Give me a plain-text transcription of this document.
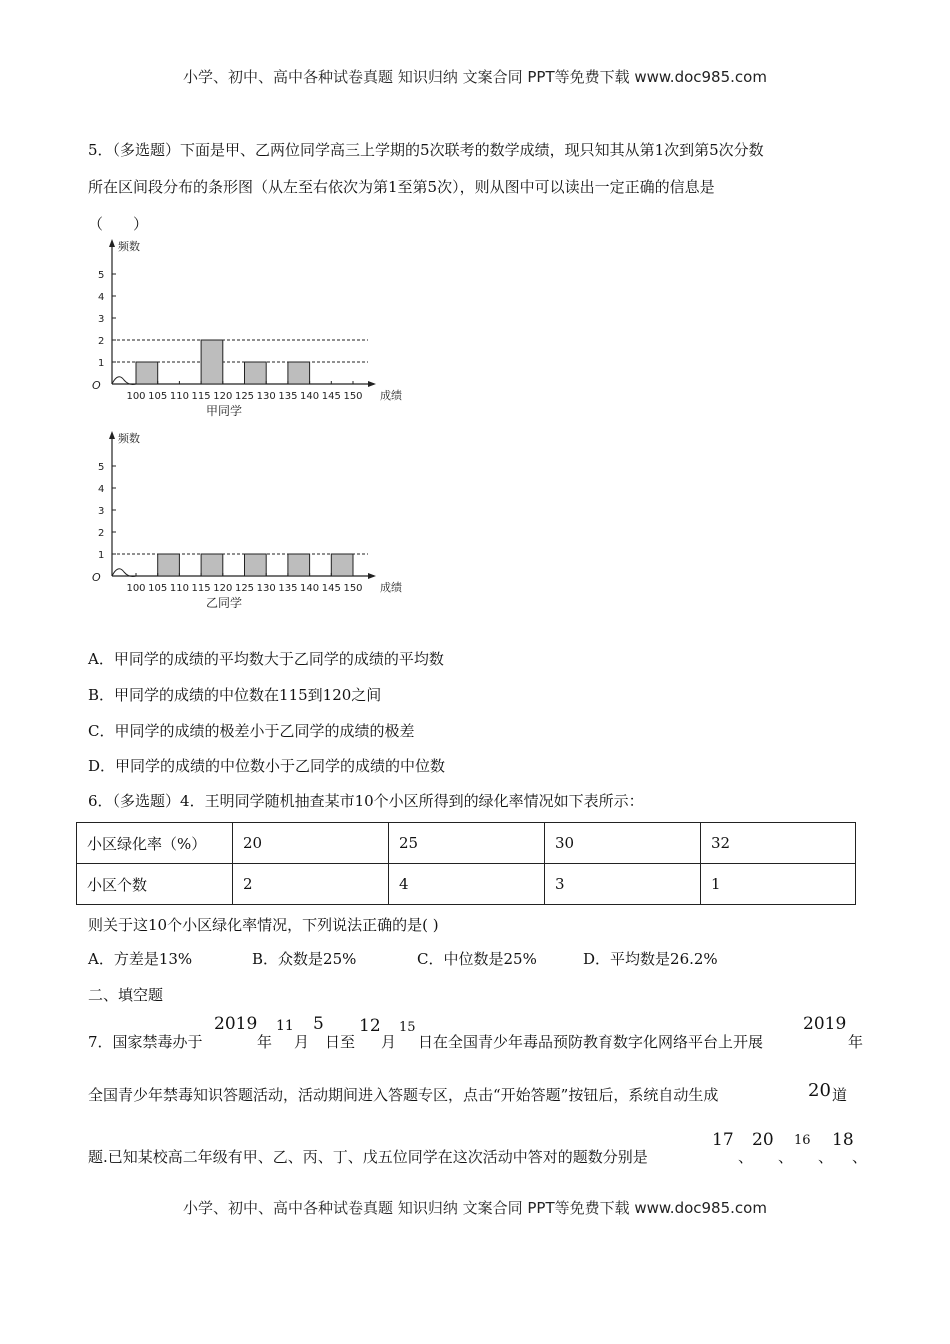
小学、初中、高中各种试卷真题 知识归纳 文案合同 PPT等免费下载 www.doc985.com
5．（多选题）下面是甲、乙两位同学高三上学期的5次联考的数学成绩，现只知其从第1次到第5次分数
所在区间段分布的条形图（从左至右依次为第1至第5次），则从图中可以读出一定正确的信息是
（　　）
O
频数
1
2
3
4
5
100 105 110 115 120 125 130 135 140 145 150 成绩
甲同学
O
频数
1
2
3
4
5
100 105 110 115 120 125 130 135 140 145 150 成绩
乙同学
A．甲同学的成绩的平均数大于乙同学的成绩的平均数
B．甲同学的成绩的中位数在115到120之间
C．甲同学的成绩的极差小于乙同学的成绩的极差
D．甲同学的成绩的中位数小于乙同学的成绩的中位数
6．（多选题）4．王明同学随机抽查某市10个小区所得到的绿化率情况如下表所示：
小区绿化率（%）	20	25	30	32
小区个数	2	4	3	1
则关于这10个小区绿化率情况，下列说法正确的是( )
A．方差是13%	B．众数是25%	C．中位数是25%	D．平均数是26.2%
二、填空题
7．国家禁毒办于
2019
年
11
月
5
日至
12
月
15
日在全国青少年毒品预防教育数字化网络平台上开展
2019
年
全国青少年禁毒知识答题活动，活动期间进入答题专区，点击“开始答题”按钮后，系统自动生成	20 道
题.已知某校高二年级有甲、乙、丙、丁、戊五位同学在这次活动中答对的题数分别是
17
、
20
、
16
、
18
、
小学、初中、高中各种试卷真题 知识归纳 文案合同 PPT等免费下载 www.doc985.com
